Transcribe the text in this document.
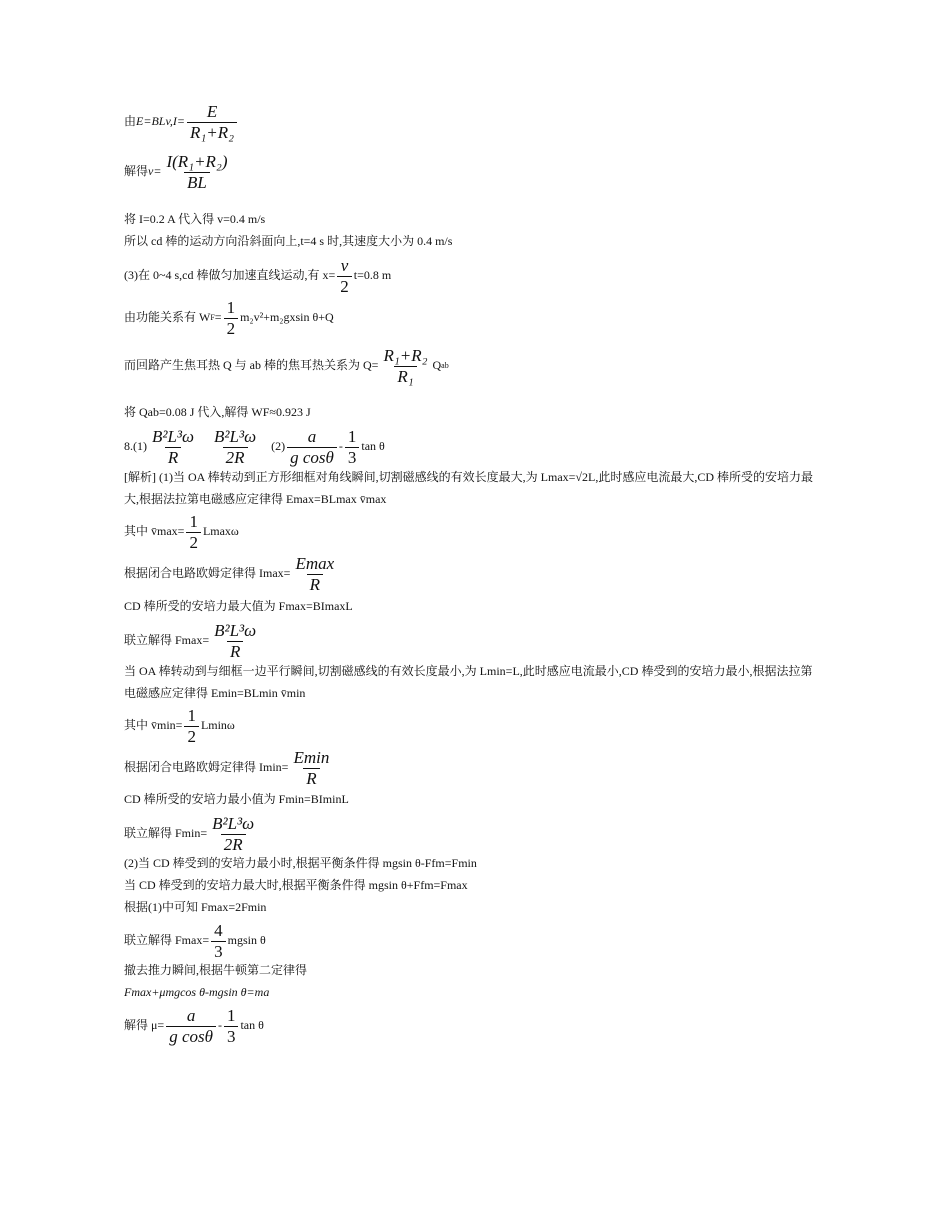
由 $E=BLv,I= \frac{E}{\text{R₁+R₂}}$
解得 $v= \frac{\text{I(R₁+R₂)}}{BL}$
将 I=0.2 A 代入得 v=0.4 m/s
所以 cd 棒的运动方向沿斜面向上,t=4 s 时,其速度大小为 0.4 m/s
(3)在 0~4 s,cd 棒做匀加速直线运动,有 $x= \frac{v}{2} t=0.8$ m
由功能关系有 W $F = \frac{1}{2} m_2v^2+m_2gxsin$ θ+Q
而回路产生焦耳热 Q 与 ab 棒的焦耳热关系为 $Q= \frac{\text{R₁+R₂}}{\text{R₁}}$ Q ab
将 Qab=0.08 J 代入,解得 WF≈0.923 J
$8.(1) \frac{\text{B²L³ω}}{R} \frac{\text{B²L³ω}}{2R} (2) \frac{a}{\text{g cosθ}} - \frac{1}{3}$ tan θ
[解析] (1)当 OA 棒转动到正方形细框对角线瞬间,切割磁感线的有效长度最大,为 Lmax=√2L,此时感应电流最大,CD 棒所受的安培力最大,根据法拉第电磁感应定律得 Emax=BLmax v̄max
其中 v̄max= $\frac{1}{2}$ Lmaxω
根据闭合电路欧姆定律得 $Imax= \frac{Emax}{R}$
CD 棒所受的安培力最大值为 Fmax=BImaxL
联立解得 $Fmax= \frac{\text{B²L³ω}}{R}$
当 OA 棒转动到与细框一边平行瞬间,切割磁感线的有效长度最小,为 Lmin=L,此时感应电流最小,CD 棒受到的安培力最小,根据法拉第电磁感应定律得 Emin=BLmin v̄min
其中 v̄min= $\frac{1}{2}$ Lminω
根据闭合电路欧姆定律得 $Imin= \frac{Emin}{R}$
CD 棒所受的安培力最小值为 Fmin=BIminL
联立解得 $Fmin= \frac{\text{B²L³ω}}{2R}$
(2)当 CD 棒受到的安培力最小时,根据平衡条件得 mgsin θ-Ffm=Fmin
当 CD 棒受到的安培力最大时,根据平衡条件得 mgsin θ+Ffm=Fmax
根据(1)中可知 Fmax=2Fmin
联立解得 $Fmax= \frac{4}{3}$ mgsin θ
撤去推力瞬间,根据牛顿第二定律得
Fmax+μmgcos θ-mgsin θ=ma
解得 $\mu= \frac{a}{\text{g cosθ}} - \frac{1}{3}$ tan θ
